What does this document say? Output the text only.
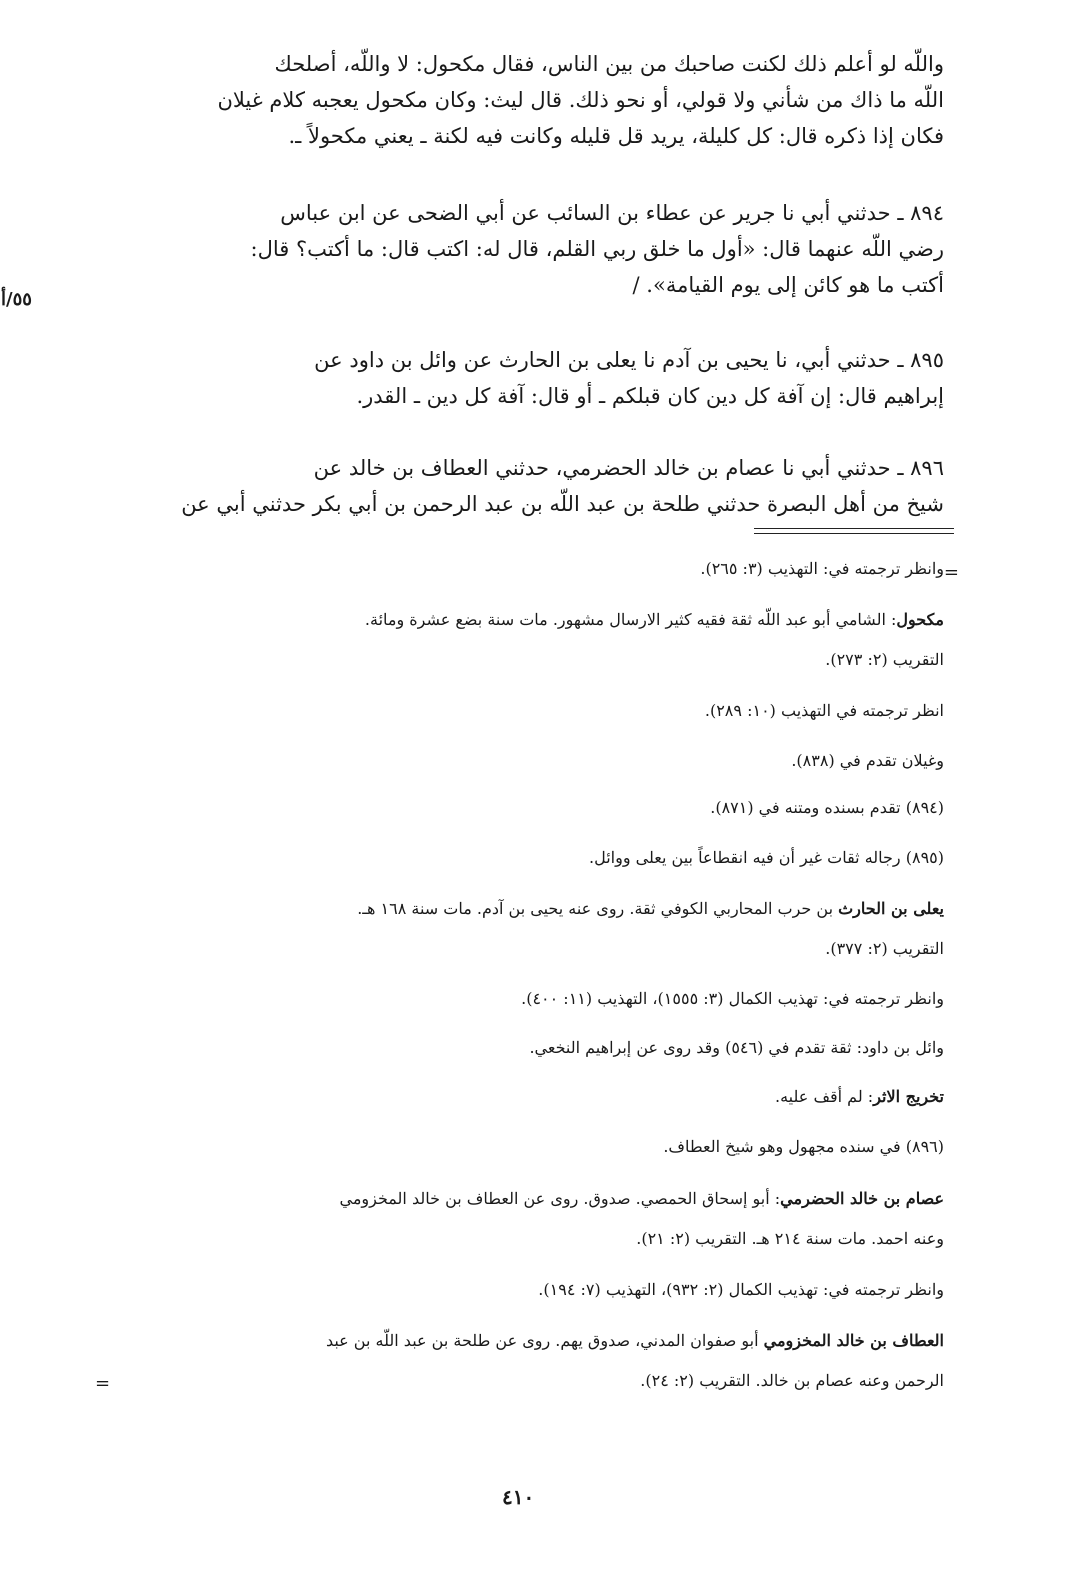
واللّه لو أعلم ذلك لكنت صاحبك من بين الناس، فقال مكحول: لا واللّه، أصلحك
اللّه ما ذاك من شأني ولا قولي، أو نحو ذلك. قال ليث: وكان مكحول يعجبه كلام غيلان
فكان إذا ذكره قال: كل كليلة، يريد قل قليله وكانت فيه لكنة ـ يعني مكحولاً ـ.
٨٩٤ ـ حدثني أبي نا جرير عن عطاء بن السائب عن أبي الضحى عن ابن عباس
رضي اللّه عنهما قال: «أول ما خلق ربي القلم، قال له: اكتب قال: ما أكتب؟ قال:
أكتب ما هو كائن إلى يوم القيامة». /
٥٥/أ
٨٩٥ ـ حدثني أبي، نا يحيى بن آدم نا يعلى بن الحارث عن وائل بن داود عن
إبراهيم قال: إن آفة كل دين كان قبلكم ـ أو قال: آفة كل دين ـ القدر.
٨٩٦ ـ حدثني أبي نا عصام بن خالد الحضرمي، حدثني العطاف بن خالد عن
شيخ من أهل البصرة حدثني طلحة بن عبد اللّه بن عبد الرحمن بن أبي بكر حدثني أبي عن
=
وانظر ترجمته في: التهذيب (٣: ٢٦٥).
مكحول: الشامي أبو عبد اللّه ثقة فقيه كثير الارسال مشهور. مات سنة بضع عشرة ومائة.
التقريب (٢: ٢٧٣).
انظر ترجمته في التهذيب (١٠: ٢٨٩).
وغيلان تقدم في (٨٣٨).
(٨٩٤) تقدم بسنده ومتنه في (٨٧١).
(٨٩٥) رجاله ثقات غير أن فيه انقطاعاً بين يعلى ووائل.
يعلى بن الحارث بن حرب المحاربي الكوفي ثقة. روى عنه يحيى بن آدم. مات سنة ١٦٨ هـ.
التقريب (٢: ٣٧٧).
وانظر ترجمته في: تهذيب الكمال (٣: ١٥٥٥)، التهذيب (١١: ٤٠٠).
وائل بن داود: ثقة تقدم في (٥٤٦) وقد روى عن إبراهيم النخعي.
تخريج الاثر: لم أقف عليه.
(٨٩٦) في سنده مجهول وهو شيخ العطاف.
عصام بن خالد الحضرمي: أبو إسحاق الحمصي. صدوق. روى عن العطاف بن خالد المخزومي
وعنه احمد. مات سنة ٢١٤ هـ. التقريب (٢: ٢١).
وانظر ترجمته في: تهذيب الكمال (٢: ٩٣٢)، التهذيب (٧: ١٩٤).
العطاف بن خالد المخزومي أبو صفوان المدني، صدوق يهم. روى عن طلحة بن عبد اللّه بن عبد
الرحمن وعنه عصام بن خالد. التقريب (٢: ٢٤).
=
٤١٠
